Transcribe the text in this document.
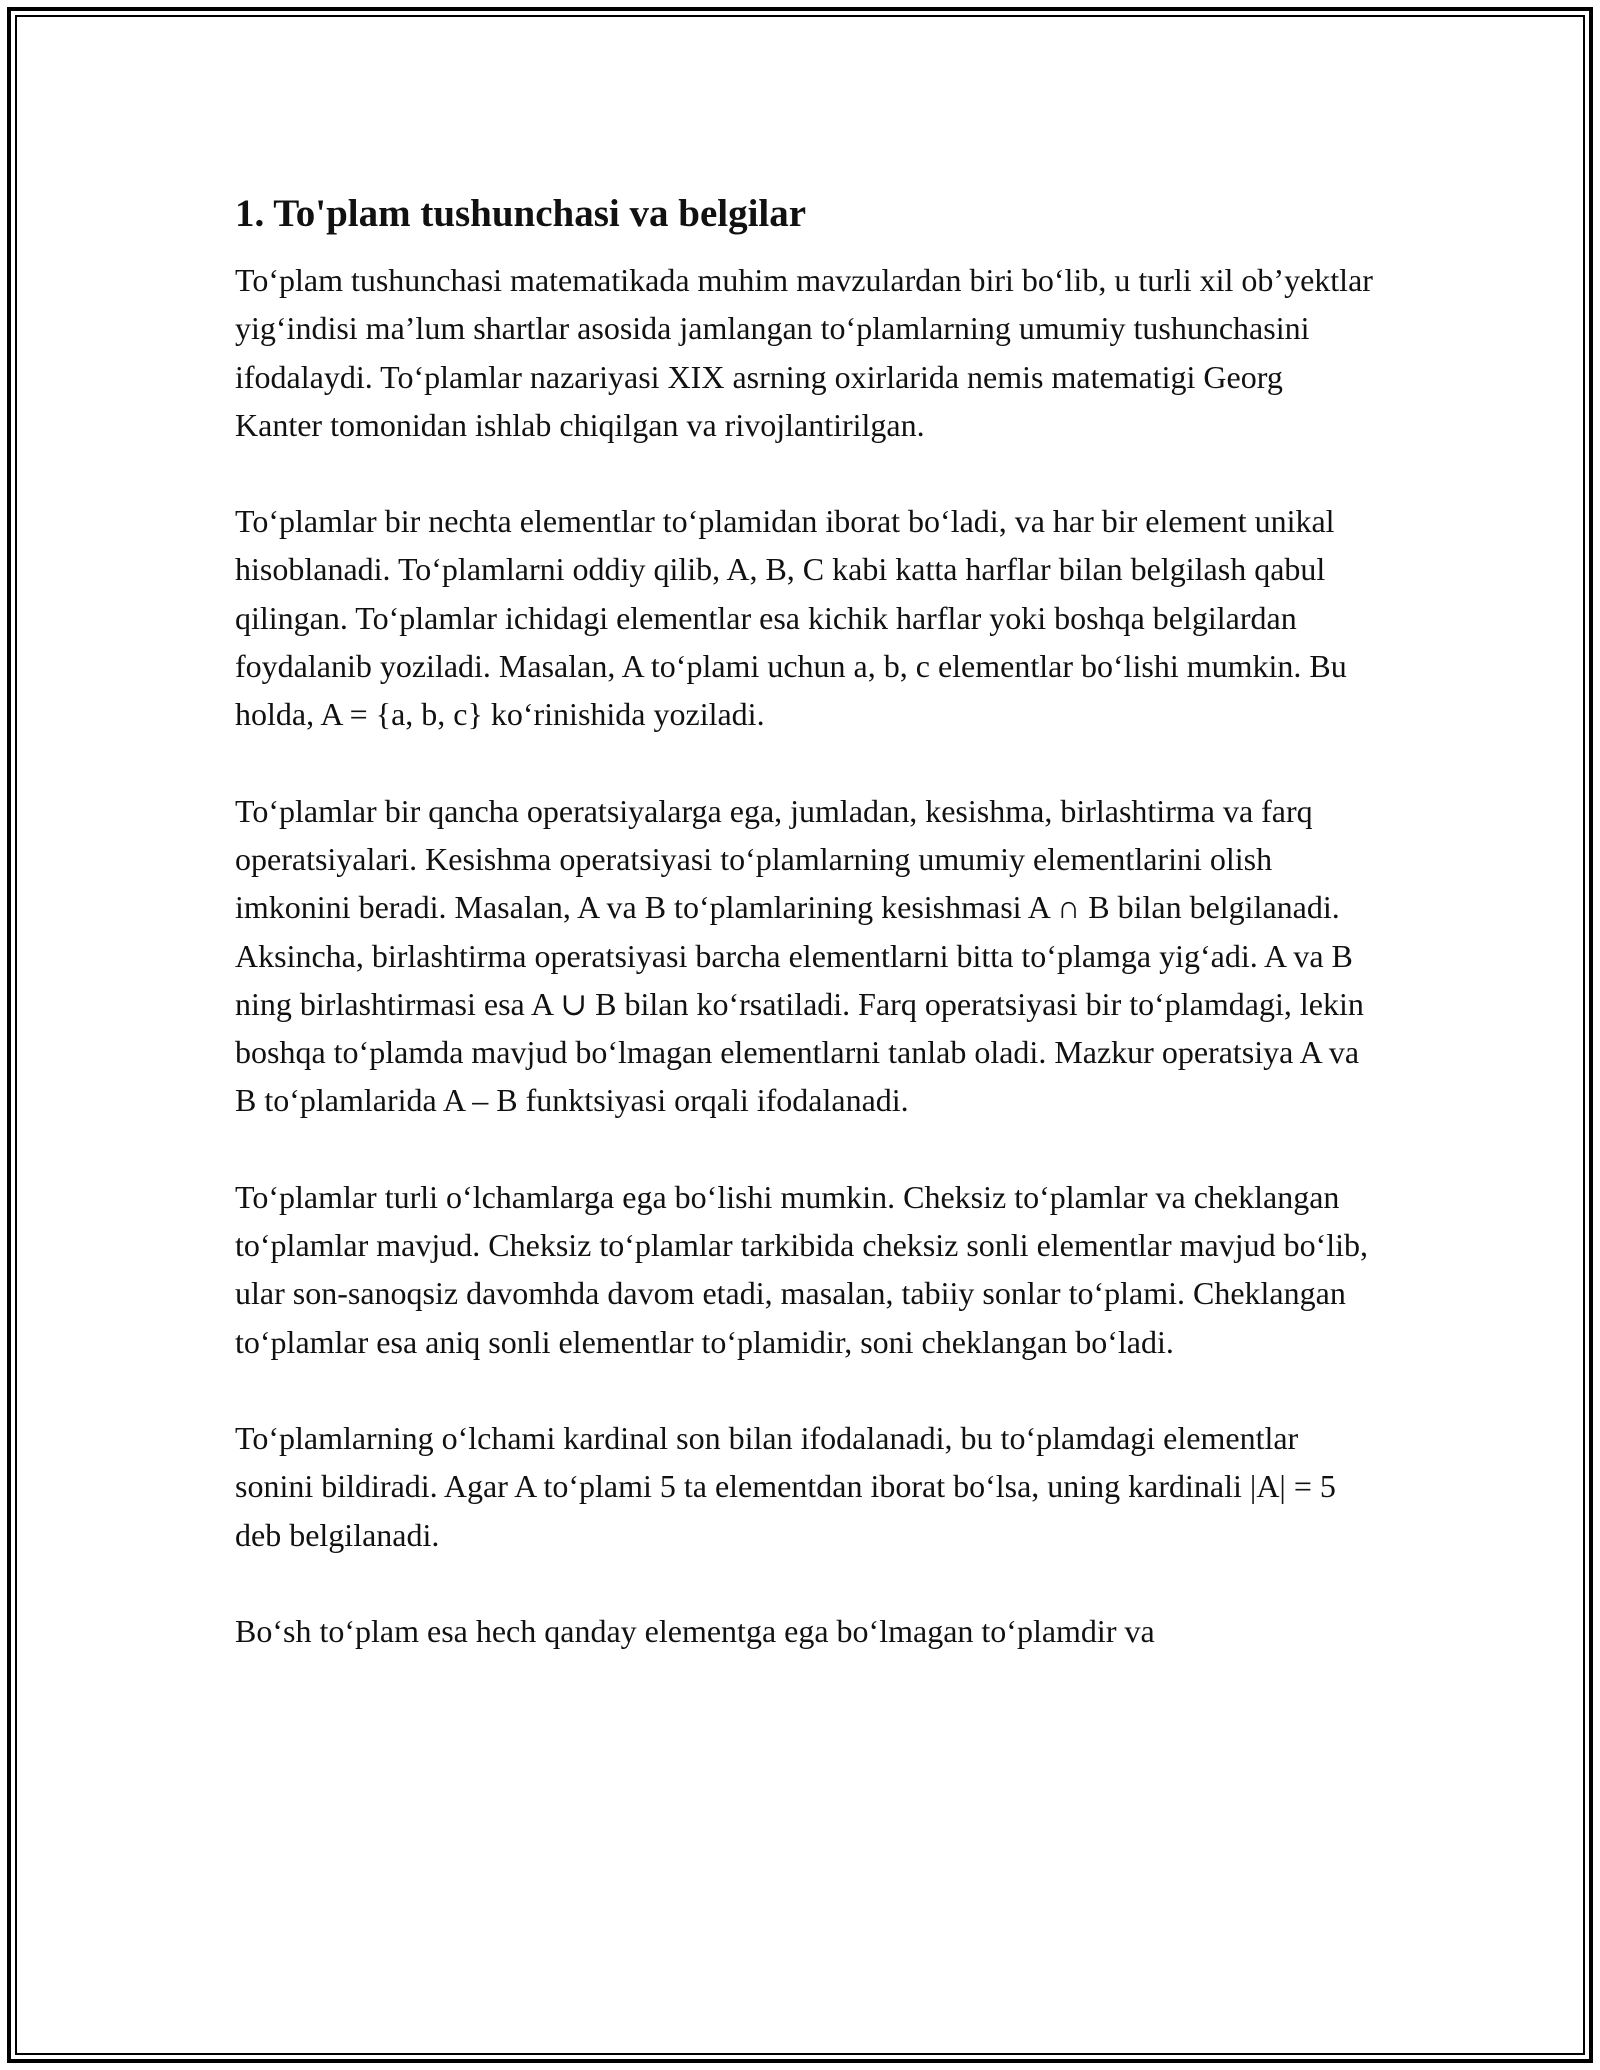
1. To'plam tushunchasi va belgilar

To‘plam tushunchasi matematikada muhim mavzulardan biri bo‘lib, u turli xil ob’yektlar yig‘indisi ma’lum shartlar asosida jamlangan to‘plamlarning umumiy tushunchasini ifodalaydi. To‘plamlar nazariyasi XIX asrning oxirlarida nemis matematigi Georg Kanter tomonidan ishlab chiqilgan va rivojlantirilgan.

To‘plamlar bir nechta elementlar to‘plamidan iborat bo‘ladi, va har bir element unikal hisoblanadi. To‘plamlarni oddiy qilib, A, B, C kabi katta harflar bilan belgilash qabul qilingan. To‘plamlar ichidagi elementlar esa kichik harflar yoki boshqa belgilardan foydalanib yoziladi. Masalan, A to‘plami uchun a, b, c elementlar bo‘lishi mumkin. Bu holda, A = {a, b, c} ko‘rinishida yoziladi.

To‘plamlar bir qancha operatsiyalarga ega, jumladan, kesishma, birlashtirma va farq operatsiyalari. Kesishma operatsiyasi to‘plamlarning umumiy elementlarini olish imkonini beradi. Masalan, A va B to‘plamlarining kesishmasi A ∩ B bilan belgilanadi. Aksincha, birlashtirma operatsiyasi barcha elementlarni bitta to‘plamga yig‘adi. A va B ning birlashtirmasi esa A ∪ B bilan ko‘rsatiladi. Farq operatsiyasi bir to‘plamdagi, lekin boshqa to‘plamda mavjud bo‘lmagan elementlarni tanlab oladi. Mazkur operatsiya A va B to‘plamlarida A – B funktsiyasi orqali ifodalanadi.

To‘plamlar turli o‘lchamlarga ega bo‘lishi mumkin. Cheksiz to‘plamlar va cheklangan to‘plamlar mavjud. Cheksiz to‘plamlar tarkibida cheksiz sonli elementlar mavjud bo‘lib, ular son-sanoqsiz davomhda davom etadi, masalan, tabiiy sonlar to‘plami. Cheklangan to‘plamlar esa aniq sonli elementlar to‘plamidir, soni cheklangan bo‘ladi.

To‘plamlarning o‘lchami kardinal son bilan ifodalanadi, bu to‘plamdagi elementlar sonini bildiradi. Agar A to‘plami 5 ta elementdan iborat bo‘lsa, uning kardinali |A| = 5 deb belgilanadi.

Bo‘sh to‘plam esa hech qanday elementga ega bo‘lmagan to‘plamdir va
